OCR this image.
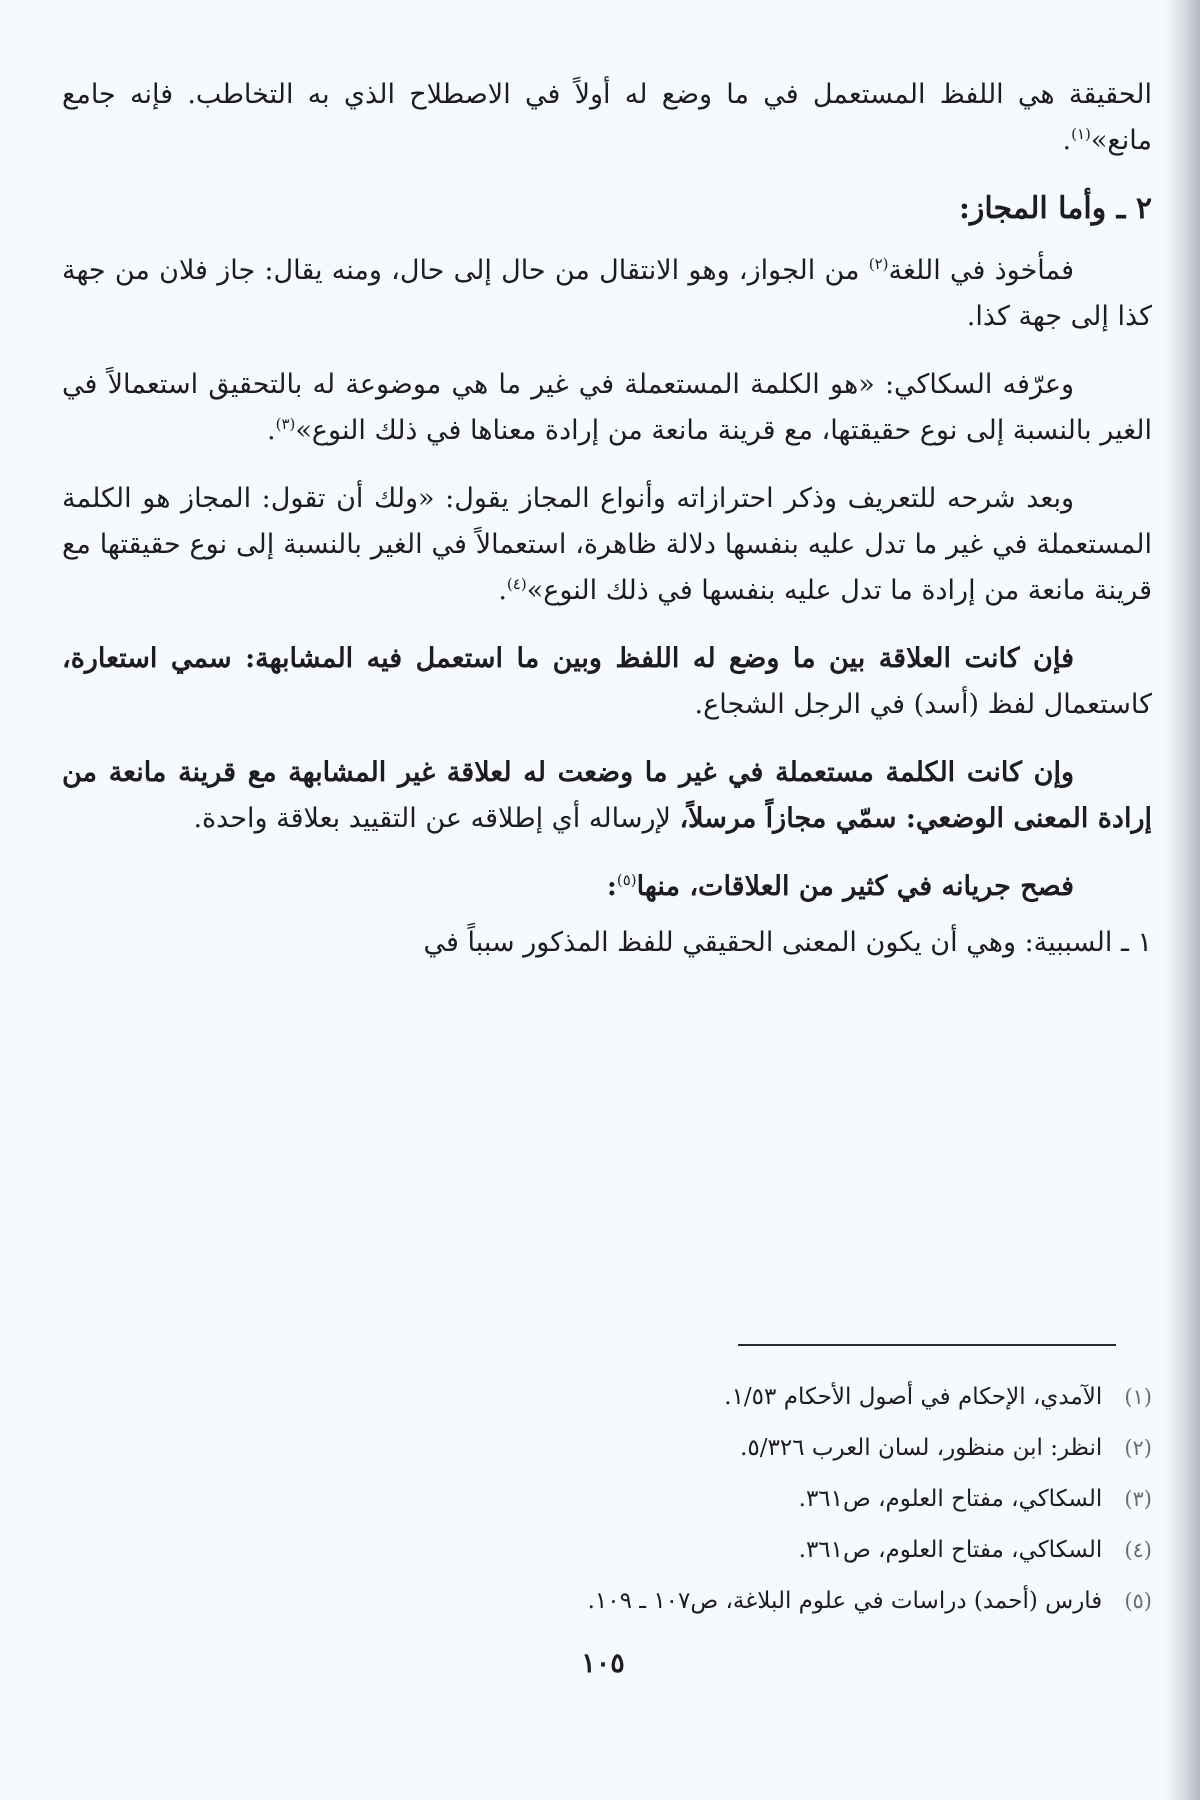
الحقيقة هي اللفظ المستعمل في ما وضع له أولاً في الاصطلاح الذي به التخاطب. فإنه جامع مانع»$^{(١)}$.

٢ ـ وأما المجاز:

فمأخوذ في اللغة$^{(٢)}$ من الجواز، وهو الانتقال من حال إلى حال، ومنه يقال: جاز فلان من جهة كذا إلى جهة كذا.

وعرّفه السكاكي: «هو الكلمة المستعملة في غير ما هي موضوعة له بالتحقيق استعمالاً في الغير بالنسبة إلى نوع حقيقتها، مع قرينة مانعة من إرادة معناها في ذلك النوع»$^{(٣)}$.

وبعد شرحه للتعريف وذكر احترازاته وأنواع المجاز يقول: «ولك أن تقول: المجاز هو الكلمة المستعملة في غير ما تدل عليه بنفسها دلالة ظاهرة، استعمالاً في الغير بالنسبة إلى نوع حقيقتها مع قرينة مانعة من إرادة ما تدل عليه بنفسها في ذلك النوع»$^{(٤)}$.

فإن كانت العلاقة بين ما وضع له اللفظ وبين ما استعمل فيه المشابهة: سمي استعارة، كاستعمال لفظ (أسد) في الرجل الشجاع.

وإن كانت الكلمة مستعملة في غير ما وضعت له لعلاقة غير المشابهة مع قرينة مانعة من إرادة المعنى الوضعي: سمّي مجازاً مرسلاً، لإرساله أي إطلاقه عن التقييد بعلاقة واحدة.

فصح جريانه في كثير من العلاقات، منها$^{(٥)}$:

١ ـ السببية: وهي أن يكون المعنى الحقيقي للفظ المذكور سبباً في

(١)
الآمدي، الإحكام في أصول الأحكام ١/٥٣.
(٢)
انظر: ابن منظور، لسان العرب ٥/٣٢٦.
(٣)
السكاكي، مفتاح العلوم، ص٣٦١.
(٤)
السكاكي، مفتاح العلوم، ص٣٦١.
(٥)
فارس (أحمد) دراسات في علوم البلاغة، ص١٠٧ ـ ١٠٩.
١٠٥
